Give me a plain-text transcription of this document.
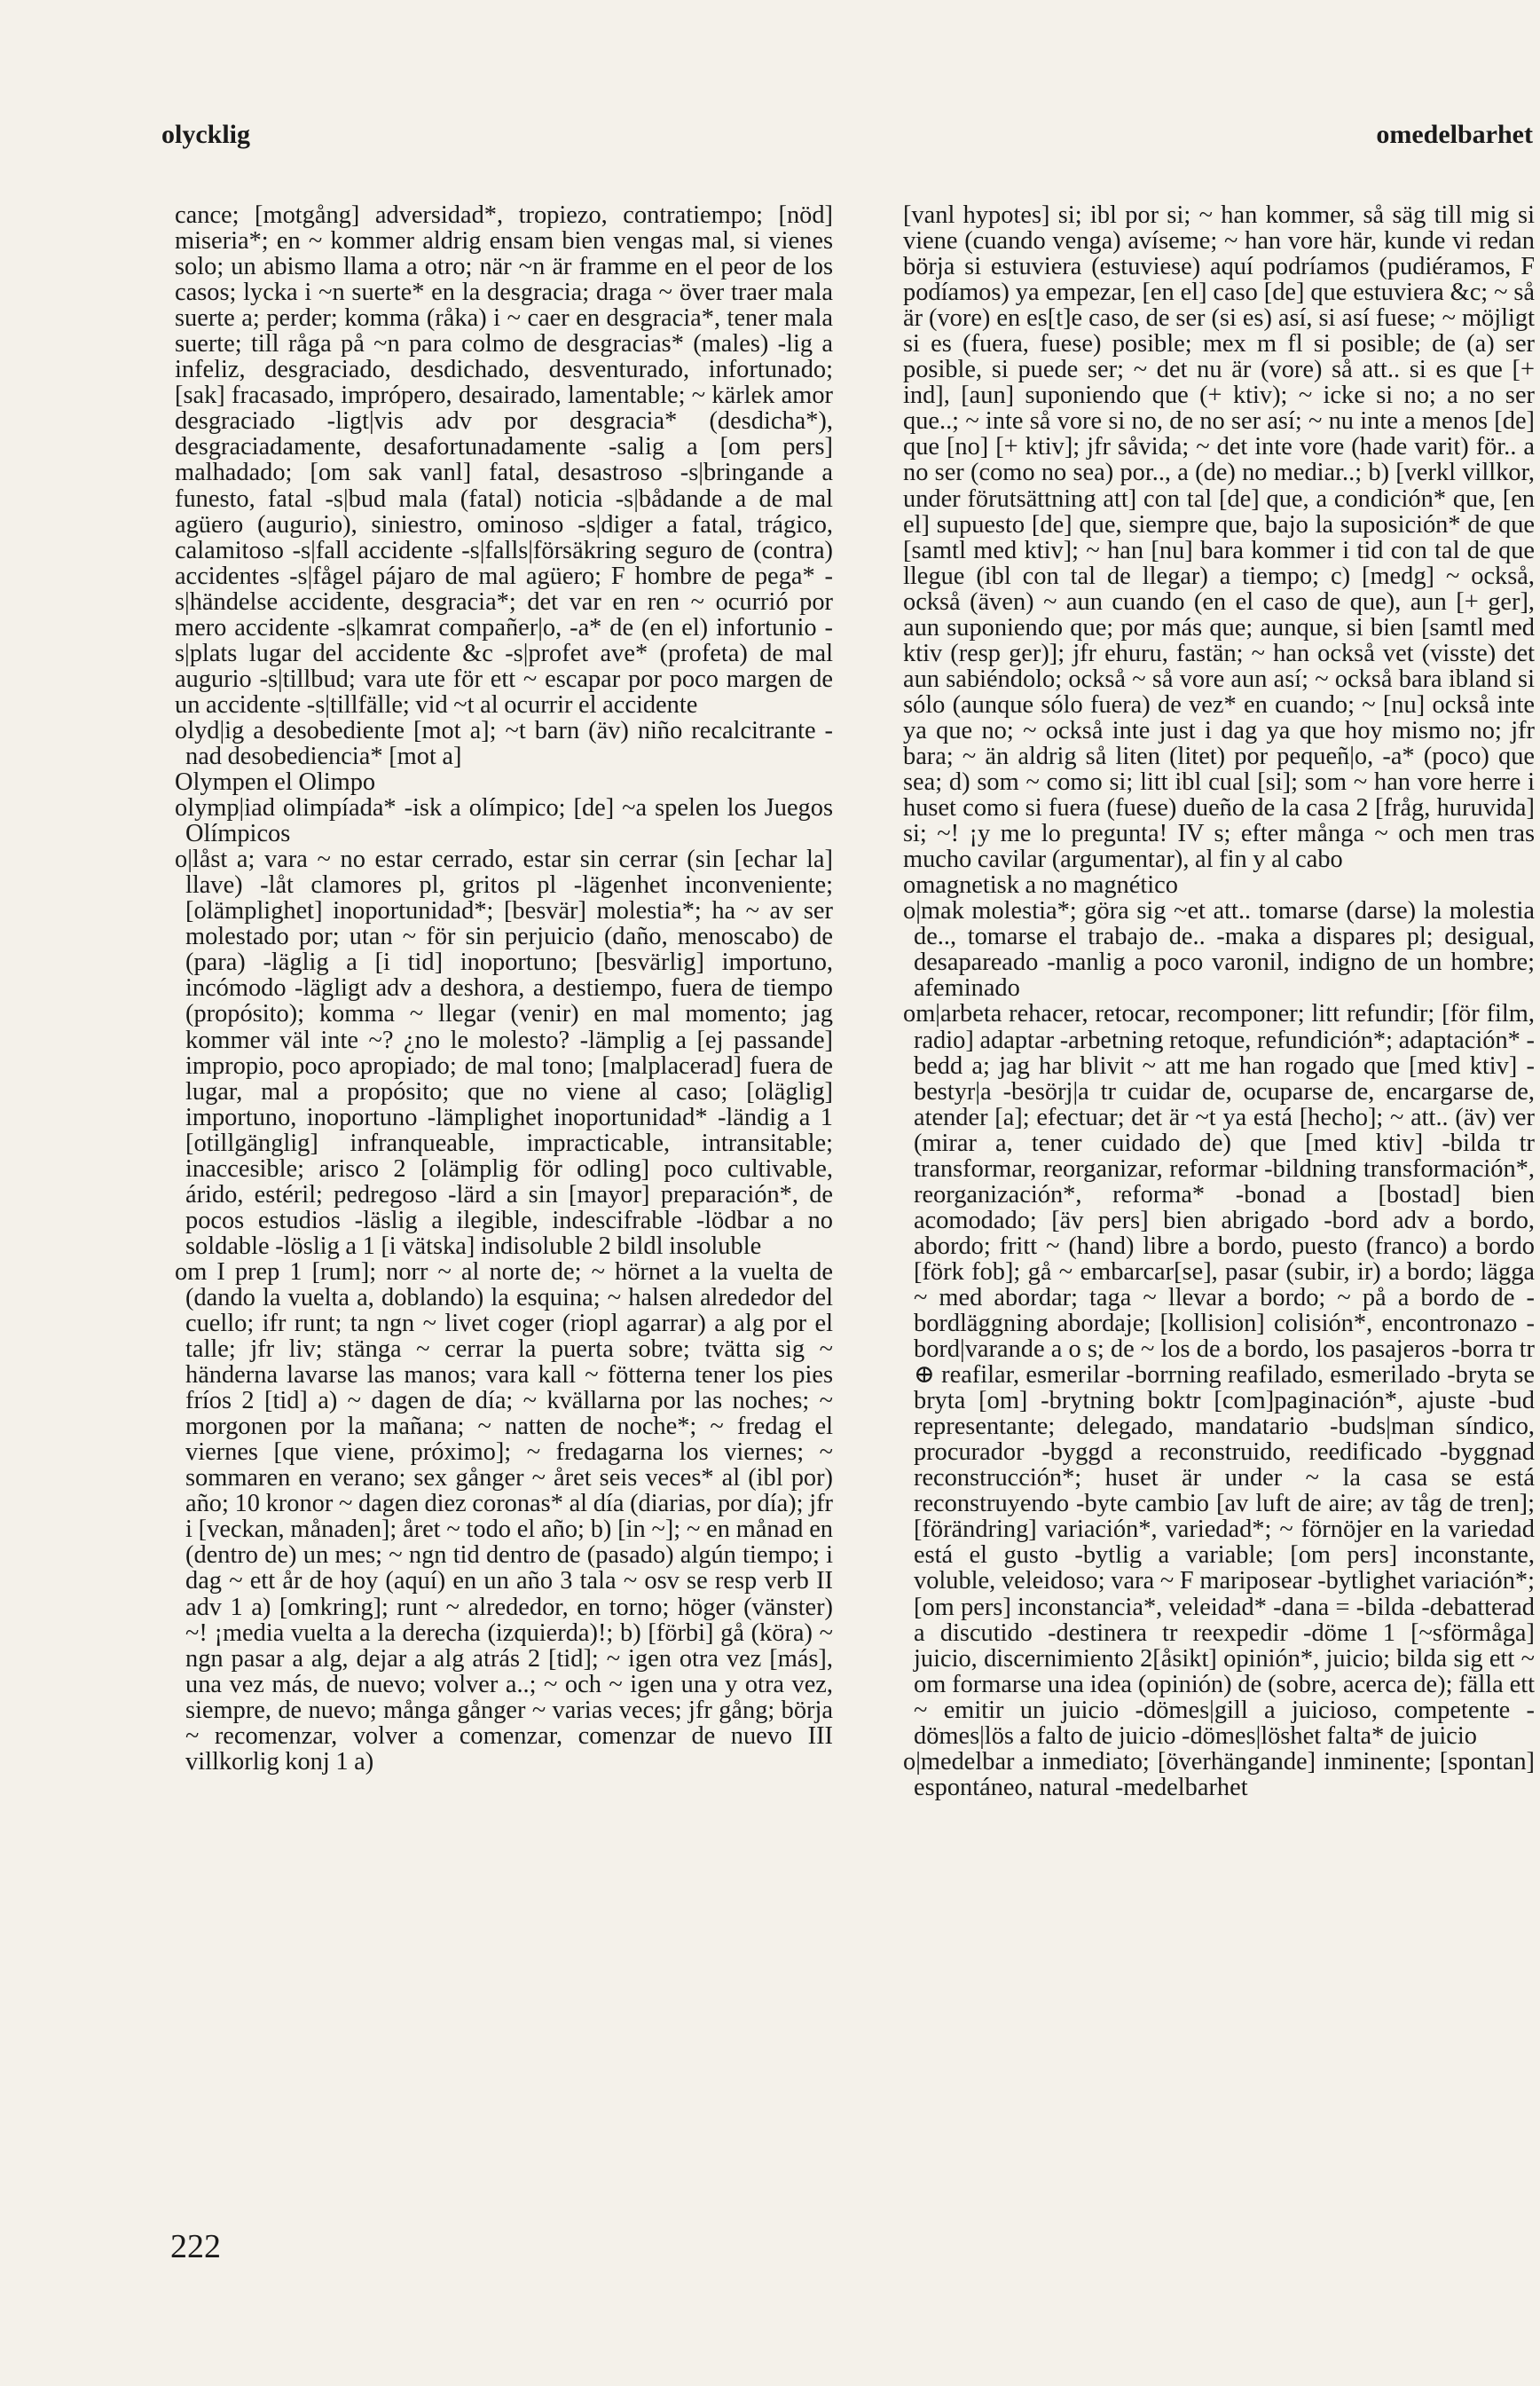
olycklig	omedelbarhet

cance; [motgång] adversidad*, tropiezo, contratiempo; [nöd] miseria*; en ~ kommer aldrig ensam bien vengas mal, si vienes solo; un abismo llama a otro; när ~n är framme en el peor de los casos; lycka i ~n suerte* en la desgracia; draga ~ över traer mala suerte a; perder; komma (råka) i ~ caer en desgracia*, tener mala suerte; till råga på ~n para colmo de desgracias* (males) -lig a infeliz, desgraciado, desdichado, desventurado, infortunado; [sak] fracasado, imprópero, desairado, lamentable; ~ kärlek amor desgraciado -ligt|vis adv por desgracia* (desdicha*), desgraciadamente, desafortunadamente -salig a [om pers] malhadado; [om sak vanl] fatal, desastroso -s|bringande a funesto, fatal -s|bud mala (fatal) noticia -s|bådande a de mal agüero (augurio), siniestro, ominoso -s|diger a fatal, trágico, calamitoso -s|fall accidente -s|falls|försäkring seguro de (contra) accidentes -s|fågel pájaro de mal agüero; F hombre de pega* -s|händelse accidente, desgracia*; det var en ren ~ ocurrió por mero accidente -s|kamrat compañer|o, -a* de (en el) infortunio -s|plats lugar del accidente &c -s|profet ave* (profeta) de mal augurio -s|tillbud; vara ute för ett ~ escapar por poco margen de un accidente -s|tillfälle; vid ~t al ocurrir el accidente

olyd|ig a desobediente [mot a]; ~t barn (äv) niño recalcitrante -nad desobediencia* [mot a]

Olympen el Olimpo

olymp|iad olimpíada* -isk a olímpico; [de] ~a spelen los Juegos Olímpicos

o|låst a; vara ~ no estar cerrado, estar sin cerrar (sin [echar la] llave) -låt clamores pl, gritos pl -lägenhet inconveniente; [olämplighet] inoportunidad*; [besvär] molestia*; ha ~ av ser molestado por; utan ~ för sin perjuicio (daño, menoscabo) de (para) -läglig a [i tid] inoportuno; [besvärlig] importuno, incómodo -lägligt adv a deshora, a destiempo, fuera de tiempo (propósito); komma ~ llegar (venir) en mal momento; jag kommer väl inte ~? ¿no le molesto? -lämplig a [ej passande] impropio, poco apropiado; de mal tono; [malplacerad] fuera de lugar, mal a propósito; que no viene al caso; [oläglig] importuno, inoportuno -lämplighet inoportunidad* -ländig a 1 [otillgänglig] infranqueable, impracticable, intransitable; inaccesible; arisco 2 [olämplig för odling] poco cultivable, árido, estéril; pedregoso -lärd a sin [mayor] preparación*, de pocos estudios -läslig a ilegible, indescifrable -lödbar a no soldable -löslig a 1 [i vätska] indisoluble 2 bildl insoluble

om I prep 1 [rum]; norr ~ al norte de; ~ hörnet a la vuelta de (dando la vuelta a, doblando) la esquina; ~ halsen alrededor del cuello; ifr runt; ta ngn ~ livet coger (riopl agarrar) a alg por el talle; jfr liv; stänga ~ cerrar la puerta sobre; tvätta sig ~ händerna lavarse las manos; vara kall ~ fötterna tener los pies fríos 2 [tid] a) ~ dagen de día; ~ kvällarna por las noches; ~ morgonen por la mañana; ~ natten de noche*; ~ fredag el viernes [que viene, próximo]; ~ fredagarna los viernes; ~ sommaren en verano; sex gånger ~ året seis veces* al (ibl por) año; 10 kronor ~ dagen diez coronas* al día (diarias, por día); jfr i [veckan, månaden]; året ~ todo el año; b) [in ~]; ~ en månad en (dentro de) un mes; ~ ngn tid dentro de (pasado) algún tiempo; i dag ~ ett år de hoy (aquí) en un año 3 tala ~ osv se resp verb II adv 1 a) [omkring]; runt ~ alrededor, en torno; höger (vänster) ~! ¡media vuelta a la derecha (izquierda)!; b) [förbi] gå (köra) ~ ngn pasar a alg, dejar a alg atrás 2 [tid]; ~ igen otra vez [más], una vez más, de nuevo; volver a..; ~ och ~ igen una y otra vez, siempre, de nuevo; många gånger ~ varias veces; jfr gång; börja ~ recomenzar, volver a comenzar, comenzar de nuevo III villkorlig konj 1 a)

[vanl hypotes] si; ibl por si; ~ han kommer, så säg till mig si viene (cuando venga) avíseme; ~ han vore här, kunde vi redan börja si estuviera (estuviese) aquí podríamos (pudiéramos, F podíamos) ya empezar, [en el] caso [de] que estuviera &c; ~ så är (vore) en es[t]e caso, de ser (si es) así, si así fuese; ~ möjligt si es (fuera, fuese) posible; mex m fl si posible; de (a) ser posible, si puede ser; ~ det nu är (vore) så att.. si es que [+ ind], [aun] suponiendo que (+ ktiv); ~ icke si no; a no ser que..; ~ inte så vore si no, de no ser así; ~ nu inte a menos [de] que [no] [+ ktiv]; jfr såvida; ~ det inte vore (hade varit) för.. a no ser (como no sea) por.., a (de) no mediar..; b) [verkl villkor, under förutsättning att] con tal [de] que, a condición* que, [en el] supuesto [de] que, siempre que, bajo la suposición* de que [samtl med ktiv]; ~ han [nu] bara kommer i tid con tal de que llegue (ibl con tal de llegar) a tiempo; c) [medg] ~ också, också (även) ~ aun cuando (en el caso de que), aun [+ ger], aun suponiendo que; por más que; aunque, si bien [samtl med ktiv (resp ger)]; jfr ehuru, fastän; ~ han också vet (visste) det aun sabiéndolo; också ~ så vore aun así; ~ också bara ibland si sólo (aunque sólo fuera) de vez* en cuando; ~ [nu] också inte ya que no; ~ också inte just i dag ya que hoy mismo no; jfr bara; ~ än aldrig så liten (litet) por pequeñ|o, -a* (poco) que sea; d) som ~ como si; litt ibl cual [si]; som ~ han vore herre i huset como si fuera (fuese) dueño de la casa 2 [fråg, huruvida] si; ~! ¡y me lo pregunta! IV s; efter många ~ och men tras mucho cavilar (argumentar), al fin y al cabo

omagnetisk a no magnético

o|mak molestia*; göra sig ~et att.. tomarse (darse) la molestia de.., tomarse el trabajo de.. -maka a dispares pl; desigual, desapareado -manlig a poco varonil, indigno de un hombre; afeminado

om|arbeta rehacer, retocar, recomponer; litt refundir; [för film, radio] adaptar -arbetning retoque, refundición*; adaptación* -bedd a; jag har blivit ~ att me han rogado que [med ktiv] -bestyr|a -besörj|a tr cuidar de, ocuparse de, encargarse de, atender [a]; efectuar; det är ~t ya está [hecho]; ~ att.. (äv) ver (mirar a, tener cuidado de) que [med ktiv] -bilda tr transformar, reorganizar, reformar -bildning transformación*, reorganización*, reforma* -bonad a [bostad] bien acomodado; [äv pers] bien abrigado -bord adv a bordo, abordo; fritt ~ (hand) libre a bordo, puesto (franco) a bordo [förk fob]; gå ~ embarcar[se], pasar (subir, ir) a bordo; lägga ~ med abordar; taga ~ llevar a bordo; ~ på a bordo de -bordläggning abordaje; [kollision] colisión*, encontronazo -bord|varande a o s; de ~ los de a bordo, los pasajeros -borra tr ⊕ reafilar, esmerilar -borrning reafilado, esmerilado -bryta se bryta [om] -brytning boktr [com]paginación*, ajuste -bud representante; delegado, mandatario -buds|man síndico, procurador -byggd a reconstruido, reedificado -byggnad reconstrucción*; huset är under ~ la casa se está reconstruyendo -byte cambio [av luft de aire; av tåg de tren]; [förändring] variación*, variedad*; ~ förnöjer en la variedad está el gusto -bytlig a variable; [om pers] inconstante, voluble, veleidoso; vara ~ F mariposear -bytlighet variación*; [om pers] inconstancia*, veleidad* -dana = -bilda -debatterad a discutido -destinera tr reexpedir -döme 1 [~sförmåga] juicio, discernimiento 2[åsikt] opinión*, juicio; bilda sig ett ~ om formarse una idea (opinión) de (sobre, acerca de); fälla ett ~ emitir un juicio -dömes|gill a juicioso, competente -dömes|lös a falto de juicio -dömes|löshet falta* de juicio

o|medelbar a inmediato; [överhängande] inminente; [spontan] espontáneo, natural -medelbarhet

222
